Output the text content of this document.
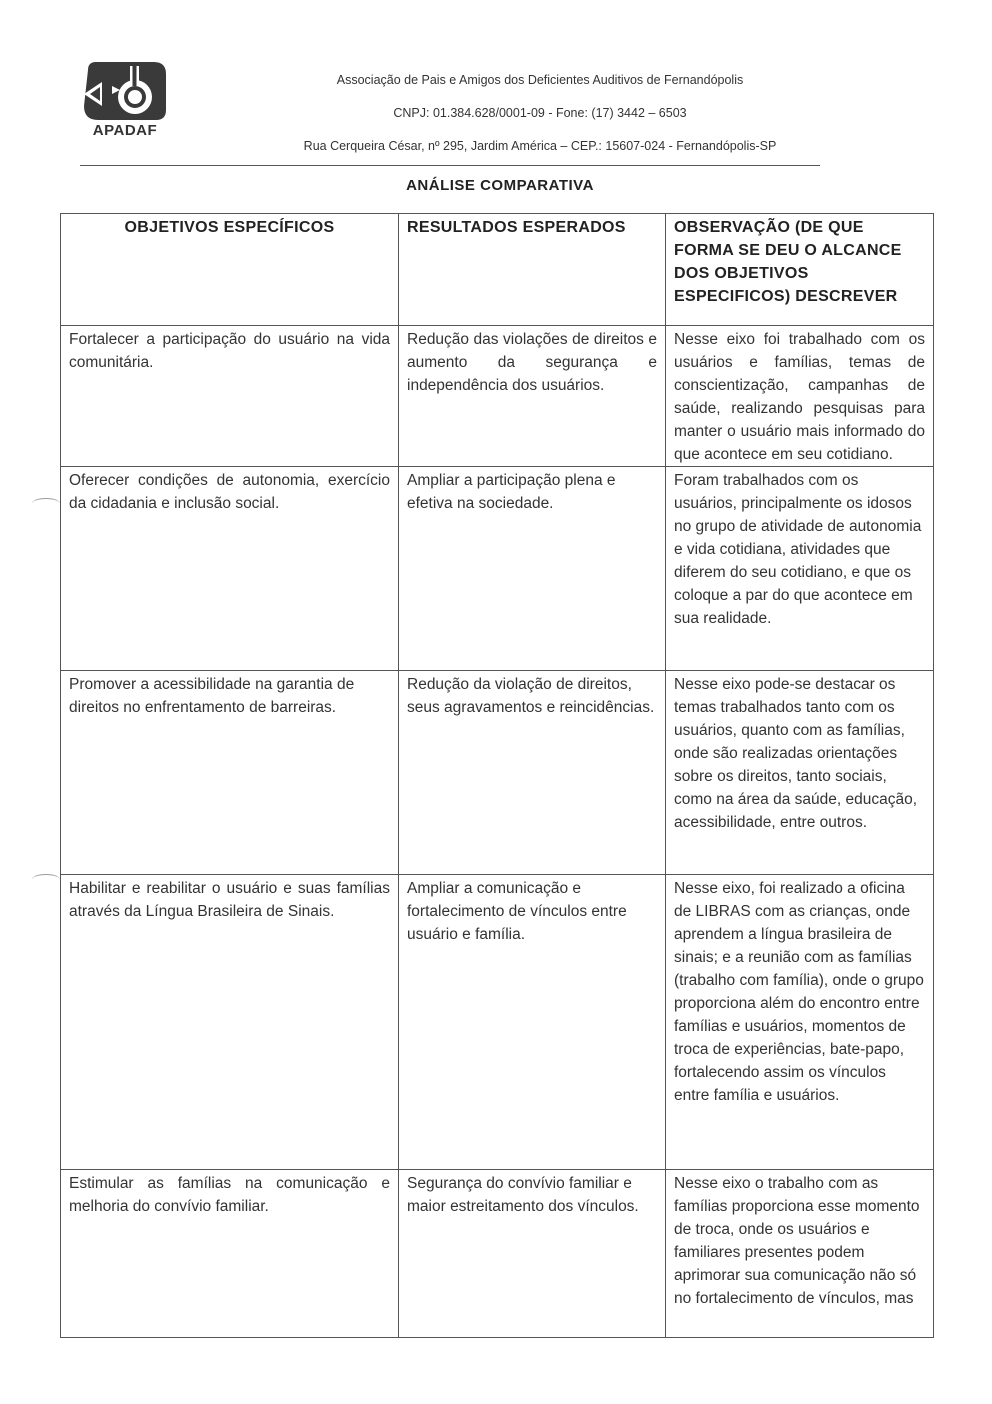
APADAF
Associação de Pais e Amigos dos Deficientes Auditivos de Fernandópolis
CNPJ: 01.384.628/0001-09 - Fone: (17) 3442 – 6503
Rua Cerqueira César, nº 295, Jardim América – CEP.: 15607-024 - Fernandópolis-SP
ANÁLISE COMPARATIVA
OBJETIVOS ESPECÍFICOS	RESULTADOS ESPERADOS	OBSERVAÇÃO (DE QUE FORMA SE DEU O ALCANCE DOS OBJETIVOS ESPECIFICOS) DESCREVER
Fortalecer a participação do usuário na vida comunitária.	Redução das violações de direitos e aumento da segurança e independência dos usuários.	Nesse eixo foi trabalhado com os usuários e famílias, temas de conscientização, campanhas de saúde, realizando pesquisas para manter o usuário mais informado do que acontece em seu cotidiano.
Oferecer condições de autonomia, exercício da cidadania e inclusão social.	Ampliar a participação plena e efetiva na sociedade.	Foram trabalhados com os usuários, principalmente os idosos no grupo de atividade de autonomia e vida cotidiana, atividades que diferem do seu cotidiano, e que os coloque a par do que acontece em sua realidade.
Promover a acessibilidade na garantia de direitos no enfrentamento de barreiras.	Redução da violação de direitos, seus agravamentos e reincidências.	Nesse eixo pode-se destacar os temas trabalhados tanto com os usuários, quanto com as famílias, onde são realizadas orientações sobre os direitos, tanto sociais, como na área da saúde, educação, acessibilidade, entre outros.
Habilitar e reabilitar o usuário e suas famílias através da Língua Brasileira de Sinais.	Ampliar a comunicação e fortalecimento de vínculos entre usuário e família.	Nesse eixo, foi realizado a oficina de LIBRAS com as crianças, onde aprendem a língua brasileira de sinais; e a reunião com as famílias (trabalho com família), onde o grupo proporciona além do encontro entre famílias e usuários, momentos de troca de experiências, bate-papo, fortalecendo assim os vínculos entre família e usuários.
Estimular as famílias na comunicação e melhoria do convívio familiar.	Segurança do convívio familiar e maior estreitamento dos vínculos.	Nesse eixo o trabalho com as famílias proporciona esse momento de troca, onde os usuários e familiares presentes podem aprimorar sua comunicação não só no fortalecimento de vínculos, mas
